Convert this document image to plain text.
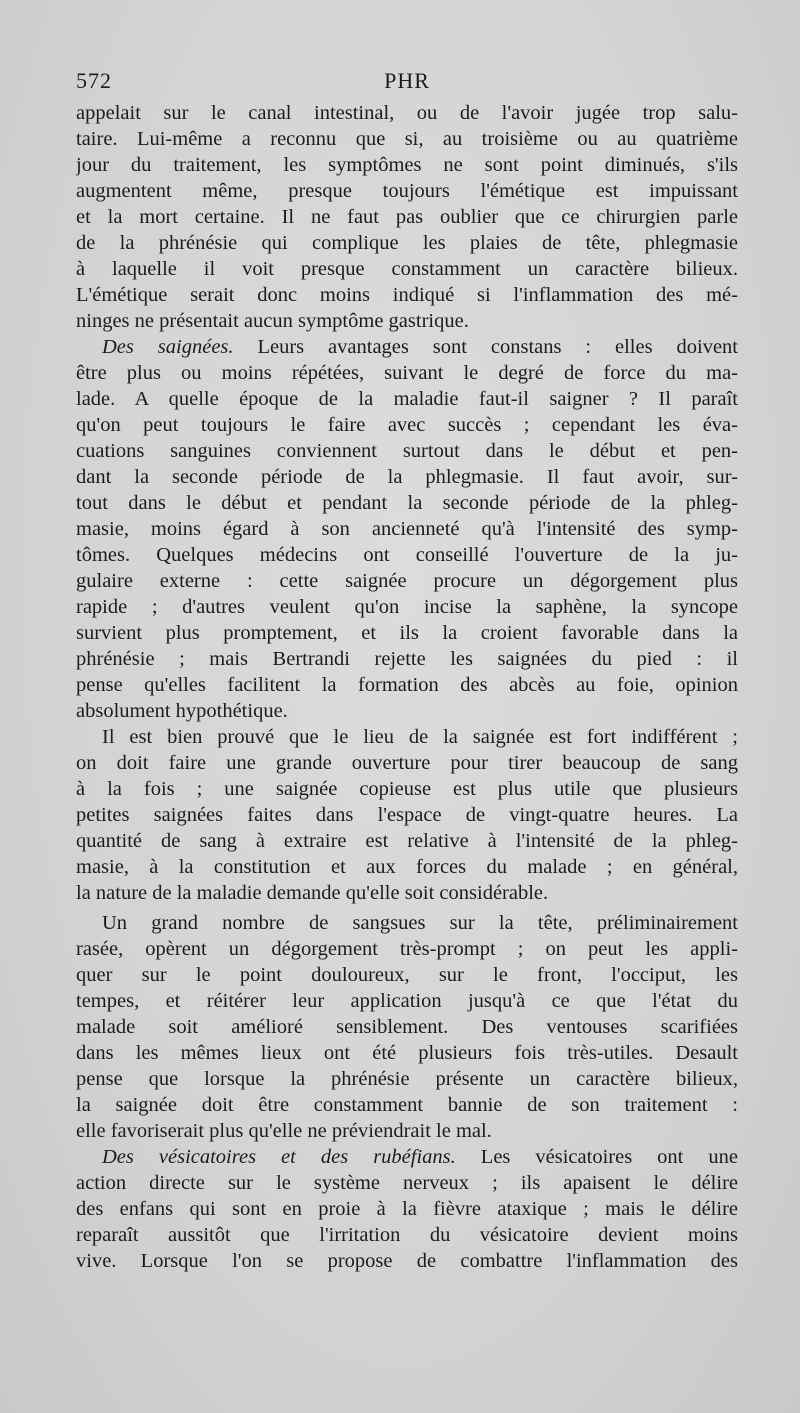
572	PHR
appelait sur le canal intestinal, ou de l'avoir jugée trop salu-
taire. Lui-même a reconnu que si, au troisième ou au quatrième
jour du traitement, les symptômes ne sont point diminués, s'ils
augmentent même, presque toujours l'émétique est impuissant
et la mort certaine. Il ne faut pas oublier que ce chirurgien parle
de la phrénésie qui complique les plaies de tête, phlegmasie
à laquelle il voit presque constamment un caractère bilieux.
L'émétique serait donc moins indiqué si l'inflammation des mé-
ninges ne présentait aucun symptôme gastrique.
Des saignées. Leurs avantages sont constans : elles doivent
être plus ou moins répétées, suivant le degré de force du ma-
lade. A quelle époque de la maladie faut-il saigner ? Il paraît
qu'on peut toujours le faire avec succès ; cependant les éva-
cuations sanguines conviennent surtout dans le début et pen-
dant la seconde période de la phlegmasie. Il faut avoir, sur-
tout dans le début et pendant la seconde période de la phleg-
masie, moins égard à son ancienneté qu'à l'intensité des symp-
tômes. Quelques médecins ont conseillé l'ouverture de la ju-
gulaire externe : cette saignée procure un dégorgement plus
rapide ; d'autres veulent qu'on incise la saphène, la syncope
survient plus promptement, et ils la croient favorable dans la
phrénésie ; mais Bertrandi rejette les saignées du pied : il
pense qu'elles facilitent la formation des abcès au foie, opinion
absolument hypothétique.
Il est bien prouvé que le lieu de la saignée est fort indifférent ;
on doit faire une grande ouverture pour tirer beaucoup de sang
à la fois ; une saignée copieuse est plus utile que plusieurs
petites saignées faites dans l'espace de vingt-quatre heures. La
quantité de sang à extraire est relative à l'intensité de la phleg-
masie, à la constitution et aux forces du malade ; en général,
la nature de la maladie demande qu'elle soit considérable.
Un grand nombre de sangsues sur la tête, préliminairement
rasée, opèrent un dégorgement très-prompt ; on peut les appli-
quer sur le point douloureux, sur le front, l'occiput, les
tempes, et réitérer leur application jusqu'à ce que l'état du
malade soit amélioré sensiblement. Des ventouses scarifiées
dans les mêmes lieux ont été plusieurs fois très-utiles. Desault
pense que lorsque la phrénésie présente un caractère bilieux,
la saignée doit être constamment bannie de son traitement :
elle favoriserait plus qu'elle ne préviendrait le mal.
Des vésicatoires et des rubéfians. Les vésicatoires ont une
action directe sur le système nerveux ; ils apaisent le délire
des enfans qui sont en proie à la fièvre ataxique ; mais le délire
reparaît aussitôt que l'irritation du vésicatoire devient moins
vive. Lorsque l'on se propose de combattre l'inflammation des
